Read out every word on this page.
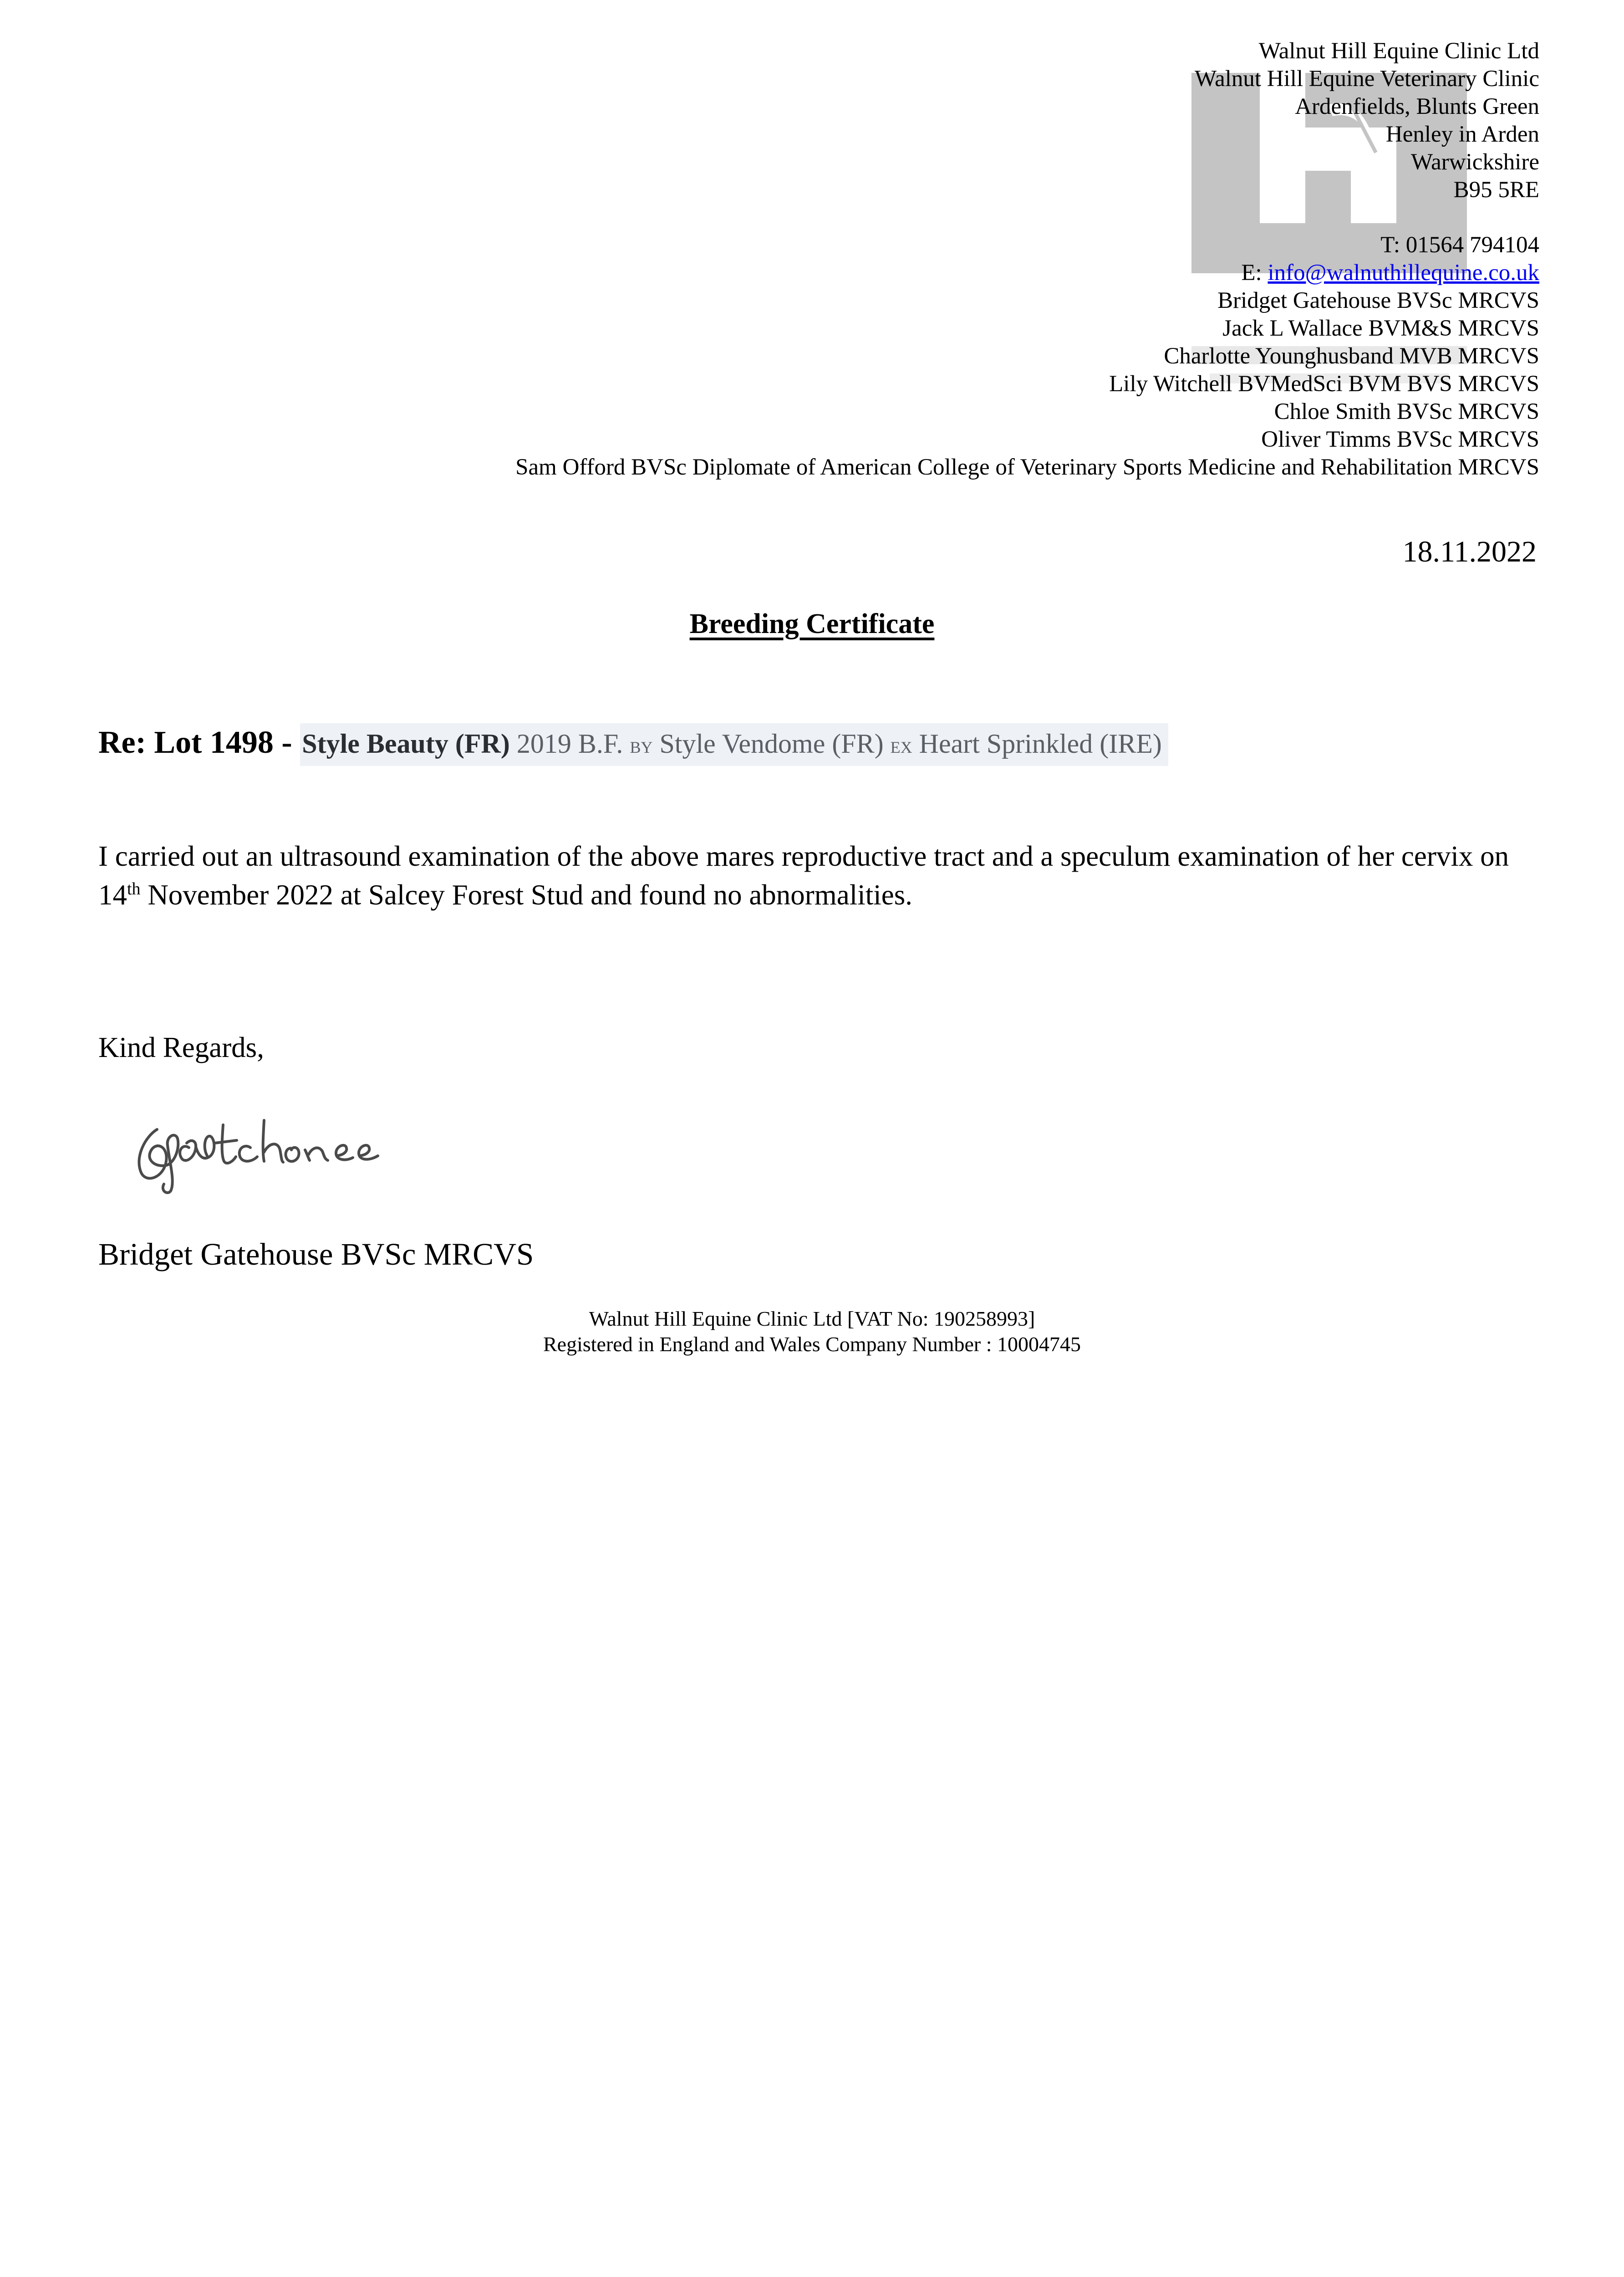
Walnut Hill Equine Clinic Ltd
Walnut Hill Equine Veterinary Clinic
Ardenfields, Blunts Green
Henley in Arden
Warwickshire
B95 5RE
T: 01564 794104
E: info@walnuthillequine.co.uk
Bridget Gatehouse BVSc MRCVS
Jack L Wallace BVM&S MRCVS
Charlotte Younghusband MVB MRCVS
Lily Witchell BVMedSci BVM BVS MRCVS
Chloe Smith BVSc MRCVS
Oliver Timms BVSc MRCVS
Sam Offord BVSc Diplomate of American College of Veterinary Sports Medicine and Rehabilitation MRCVS
18.11.2022
Breeding Certificate
Re: Lot 1498 - Style Beauty (FR) 2019 B.F. by Style Vendome (FR) ex Heart Sprinkled (IRE)
I carried out an ultrasound examination of the above mares reproductive tract and a speculum examination of her cervix on 14th November 2022 at Salcey Forest Stud and found no abnormalities.
Kind Regards,
Bridget Gatehouse BVSc MRCVS
Walnut Hill Equine Clinic Ltd [VAT No: 190258993]
Registered in England and Wales Company Number : 10004745
